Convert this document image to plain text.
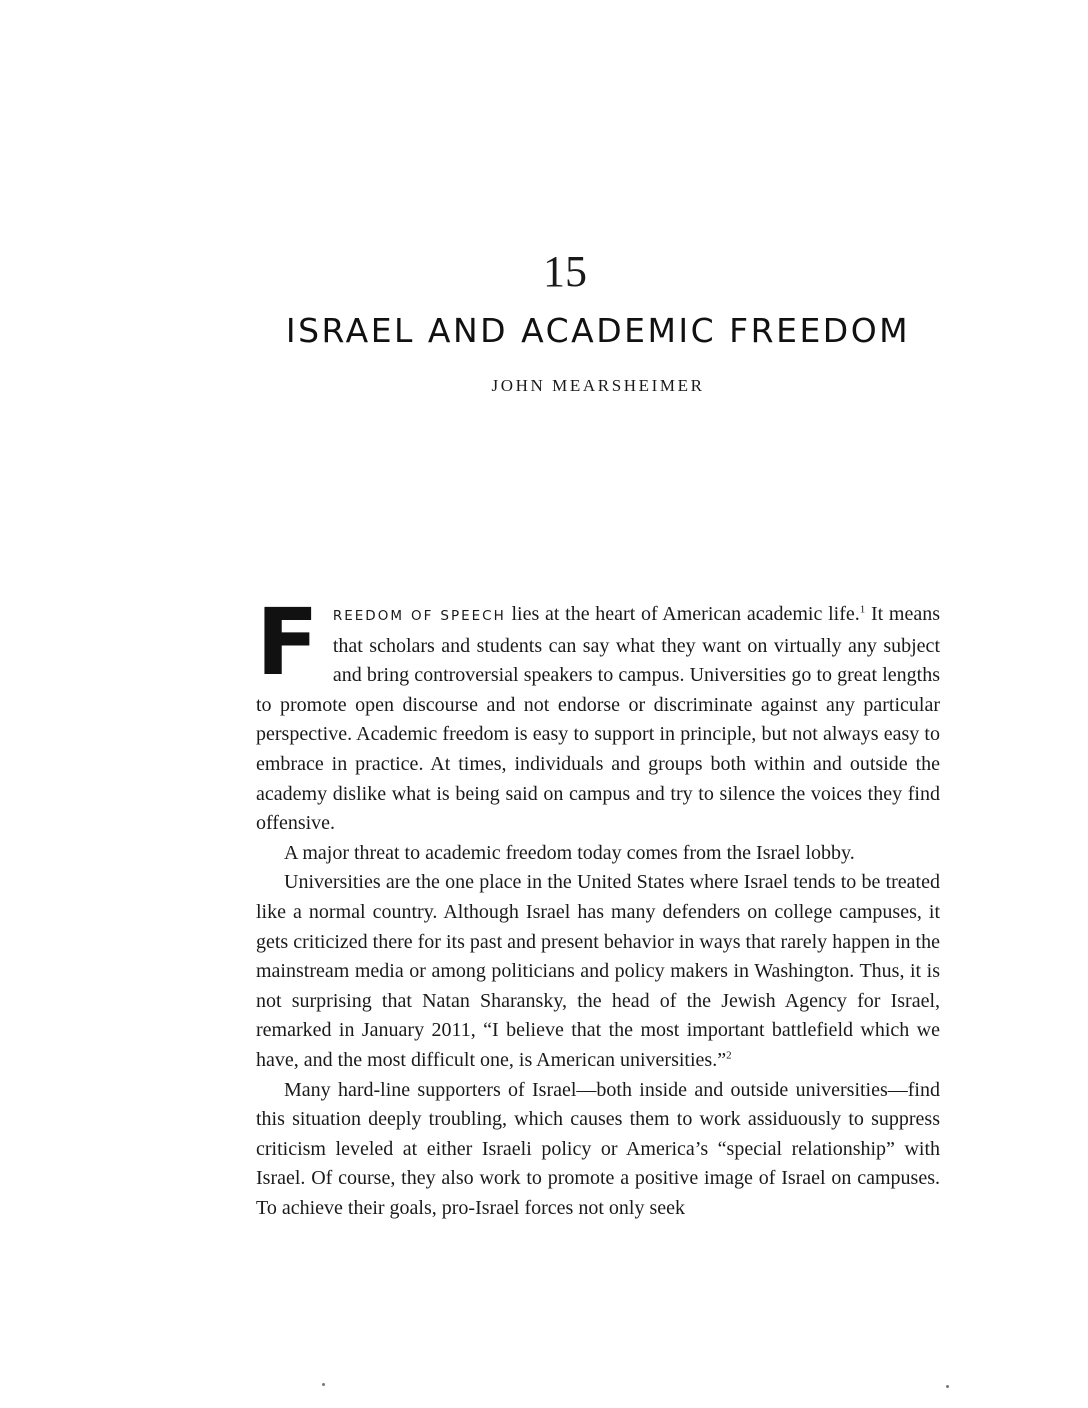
15
ISRAEL AND ACADEMIC FREEDOM
JOHN MEARSHEIMER

F REEDOM OF SPEECH lies at the heart of American academic life.$^1$ It means that scholars and students can say what they want on virtually any subject and bring controversial speakers to campus. Universities go to great lengths to promote open discourse and not endorse or discriminate against any particular perspective. Academic freedom is easy to support in principle, but not always easy to embrace in practice. At times, individuals and groups both within and outside the academy dislike what is being said on campus and try to silence the voices they find offensive.

A major threat to academic freedom today comes from the Israel lobby.

Universities are the one place in the United States where Israel tends to be treated like a normal country. Although Israel has many defenders on college campuses, it gets criticized there for its past and present behavior in ways that rarely happen in the mainstream media or among politicians and policy makers in Washington. Thus, it is not surprising that Natan Sharansky, the head of the Jewish Agency for Israel, remarked in January 2011, “I believe that the most important battlefield which we have, and the most difficult one, is American universities.”$^2$

Many hard-line supporters of Israel—both inside and outside universities—find this situation deeply troubling, which causes them to work assiduously to suppress criticism leveled at either Israeli policy or America’s “special relationship” with Israel. Of course, they also work to promote a positive image of Israel on campuses. To achieve their goals, pro-Israel forces not only seek
